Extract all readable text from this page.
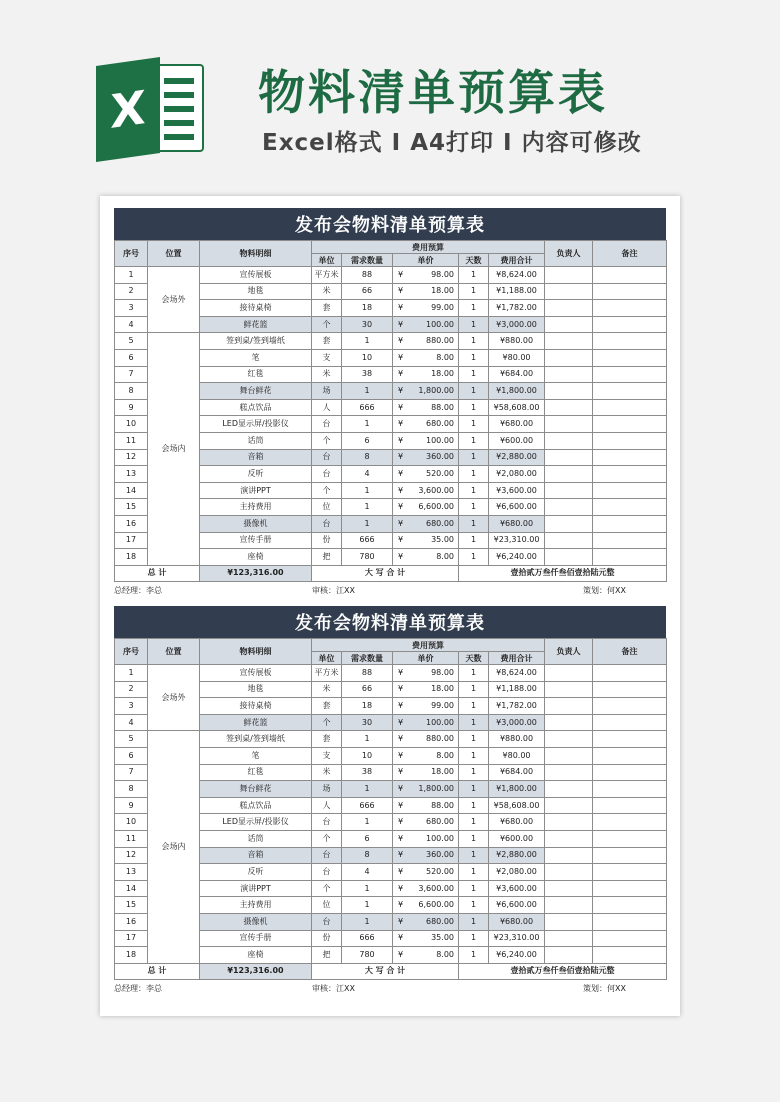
X	物料清单预算表
Excel格式 I A4打印 I 内容可修改
发布会物料清单预算表
序号	位置	物料明细	费用预算					负责人	备注
			单位	需求数量	单价	天数	费用合计		
1	会场外	宣传展板	平方米	88	¥ 98.00	1	¥8,624.00		
2		地毯	米	66	¥ 18.00	1	¥1,188.00		
3		接待桌椅	套	18	¥ 99.00	1	¥1,782.00		
4		鲜花篮	个	30	¥ 100.00	1	¥3,000.00		
5	会场内	签到桌/签到墙纸	套	1	¥ 880.00	1	¥880.00		
6		笔	支	10	¥ 8.00	1	¥80.00		
7		红毯	米	38	¥ 18.00	1	¥684.00		
8		舞台鲜花	场	1	¥ 1,800.00	1	¥1,800.00		
9		糕点饮品	人	666	¥ 88.00	1	¥58,608.00		
10		LED显示屏/投影仪	台	1	¥ 680.00	1	¥680.00		
11		话筒	个	6	¥ 100.00	1	¥600.00		
12		音箱	台	8	¥ 360.00	1	¥2,880.00		
13		反听	台	4	¥ 520.00	1	¥2,080.00		
14		演讲PPT	个	1	¥ 3,600.00	1	¥3,600.00		
15		主持费用	位	1	¥ 6,600.00	1	¥6,600.00		
16		摄像机	台	1	¥ 680.00	1	¥680.00		
17		宣传手册	份	666	¥ 35.00	1	¥23,310.00		
18		座椅	把	780	¥ 8.00	1	¥6,240.00		
总 计		¥123,316.00	大 写 合 计			壹拾贰万叁仟叁佰壹拾陆元整			
总经理：李总	审核：江XX	策划：何XX
发布会物料清单预算表
序号	位置	物料明细	费用预算					负责人	备注
			单位	需求数量	单价	天数	费用合计		
1	会场外	宣传展板	平方米	88	¥ 98.00	1	¥8,624.00		
2		地毯	米	66	¥ 18.00	1	¥1,188.00		
3		接待桌椅	套	18	¥ 99.00	1	¥1,782.00		
4		鲜花篮	个	30	¥ 100.00	1	¥3,000.00		
5	会场内	签到桌/签到墙纸	套	1	¥ 880.00	1	¥880.00		
6		笔	支	10	¥ 8.00	1	¥80.00		
7		红毯	米	38	¥ 18.00	1	¥684.00		
8		舞台鲜花	场	1	¥ 1,800.00	1	¥1,800.00		
9		糕点饮品	人	666	¥ 88.00	1	¥58,608.00		
10		LED显示屏/投影仪	台	1	¥ 680.00	1	¥680.00		
11		话筒	个	6	¥ 100.00	1	¥600.00		
12		音箱	台	8	¥ 360.00	1	¥2,880.00		
13		反听	台	4	¥ 520.00	1	¥2,080.00		
14		演讲PPT	个	1	¥ 3,600.00	1	¥3,600.00		
15		主持费用	位	1	¥ 6,600.00	1	¥6,600.00		
16		摄像机	台	1	¥ 680.00	1	¥680.00		
17		宣传手册	份	666	¥ 35.00	1	¥23,310.00		
18		座椅	把	780	¥ 8.00	1	¥6,240.00		
总 计		¥123,316.00	大 写 合 计			壹拾贰万叁仟叁佰壹拾陆元整			
总经理：李总	审核：江XX	策划：何XX
